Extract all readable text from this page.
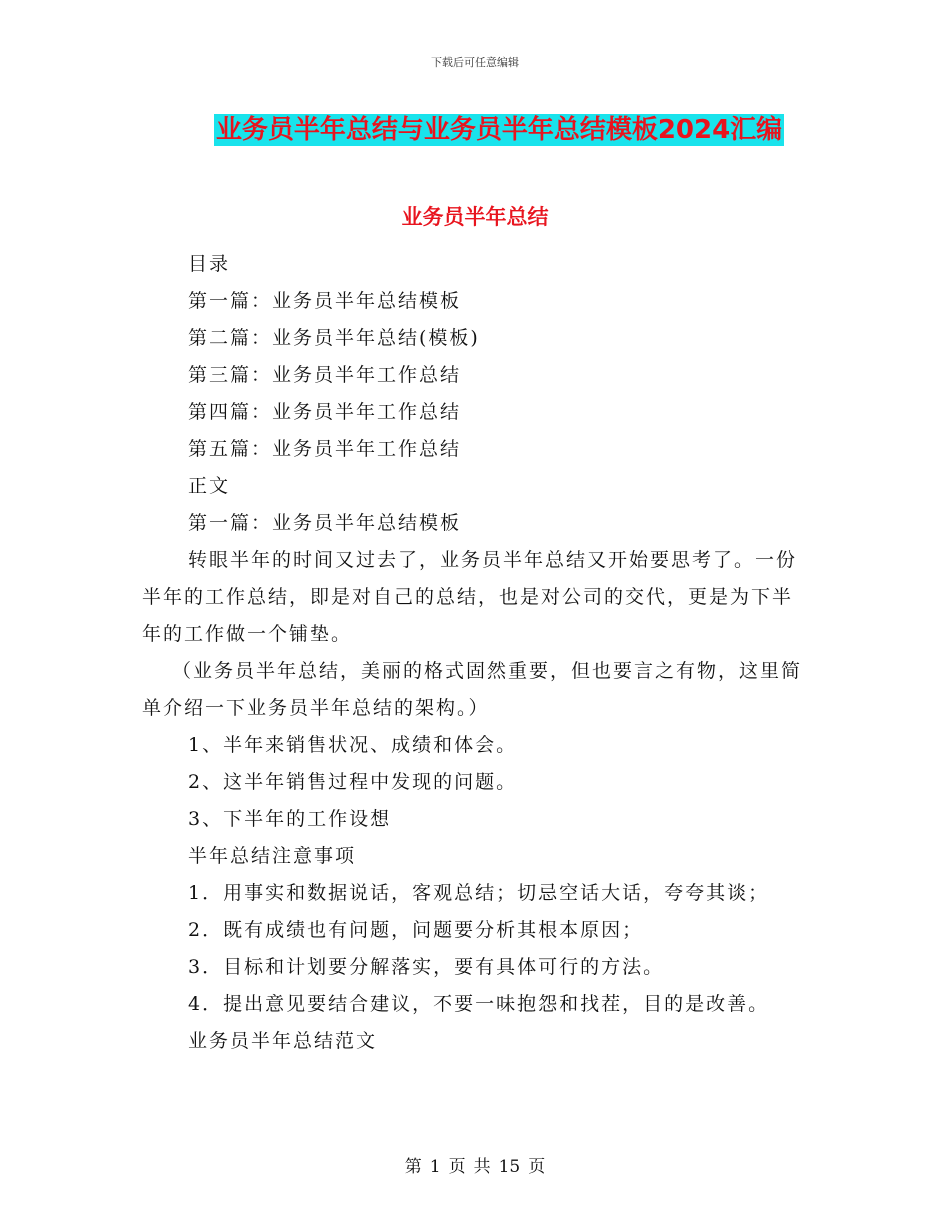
下载后可任意编辑
业务员半年总结与业务员半年总结模板2024汇编
业务员半年总结

目录

第一篇：业务员半年总结模板

第二篇：业务员半年总结(模板)

第三篇：业务员半年工作总结

第四篇：业务员半年工作总结

第五篇：业务员半年工作总结

正文

第一篇：业务员半年总结模板

转眼半年的时间又过去了，业务员半年总结又开始要思考了。一份半年的工作总结，即是对自己的总结，也是对公司的交代，更是为下半年的工作做一个铺垫。

（业务员半年总结，美丽的格式固然重要，但也要言之有物，这里简单介绍一下业务员半年总结的架构。）

1、半年来销售状况、成绩和体会。

2、这半年销售过程中发现的问题。

3、下半年的工作设想

半年总结注意事项

1．用事实和数据说话，客观总结；切忌空话大话，夸夸其谈；

2．既有成绩也有问题，问题要分析其根本原因；

3．目标和计划要分解落实，要有具体可行的方法。

4．提出意见要结合建议，不要一味抱怨和找茬，目的是改善。

业务员半年总结范文

第 1 页 共 15 页
